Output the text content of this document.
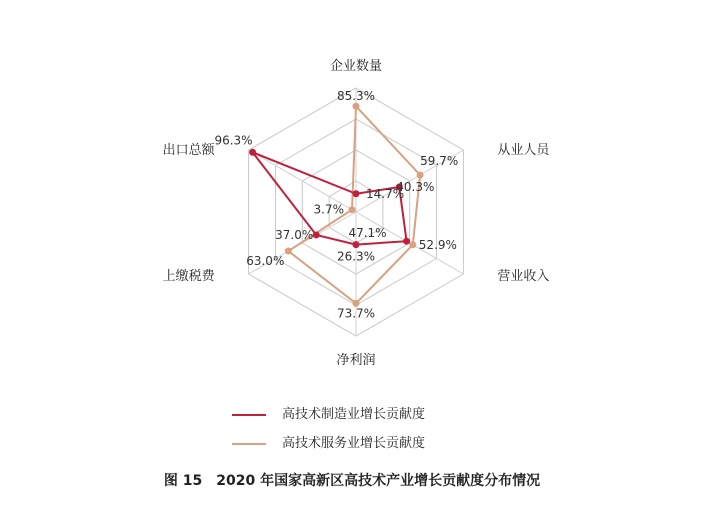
企业数量
从业人员
营业收入
净利润
上缴税费
出口总额
14.7%
40.3%
47.1%
26.3%
37.0%
96.3%
85.3%
59.7%
52.9%
73.7%
63.0%
3.7%
高技术制造业增长贡献度
高技术服务业增长贡献度
图 15　2020 年国家高新区高技术产业增长贡献度分布情况
